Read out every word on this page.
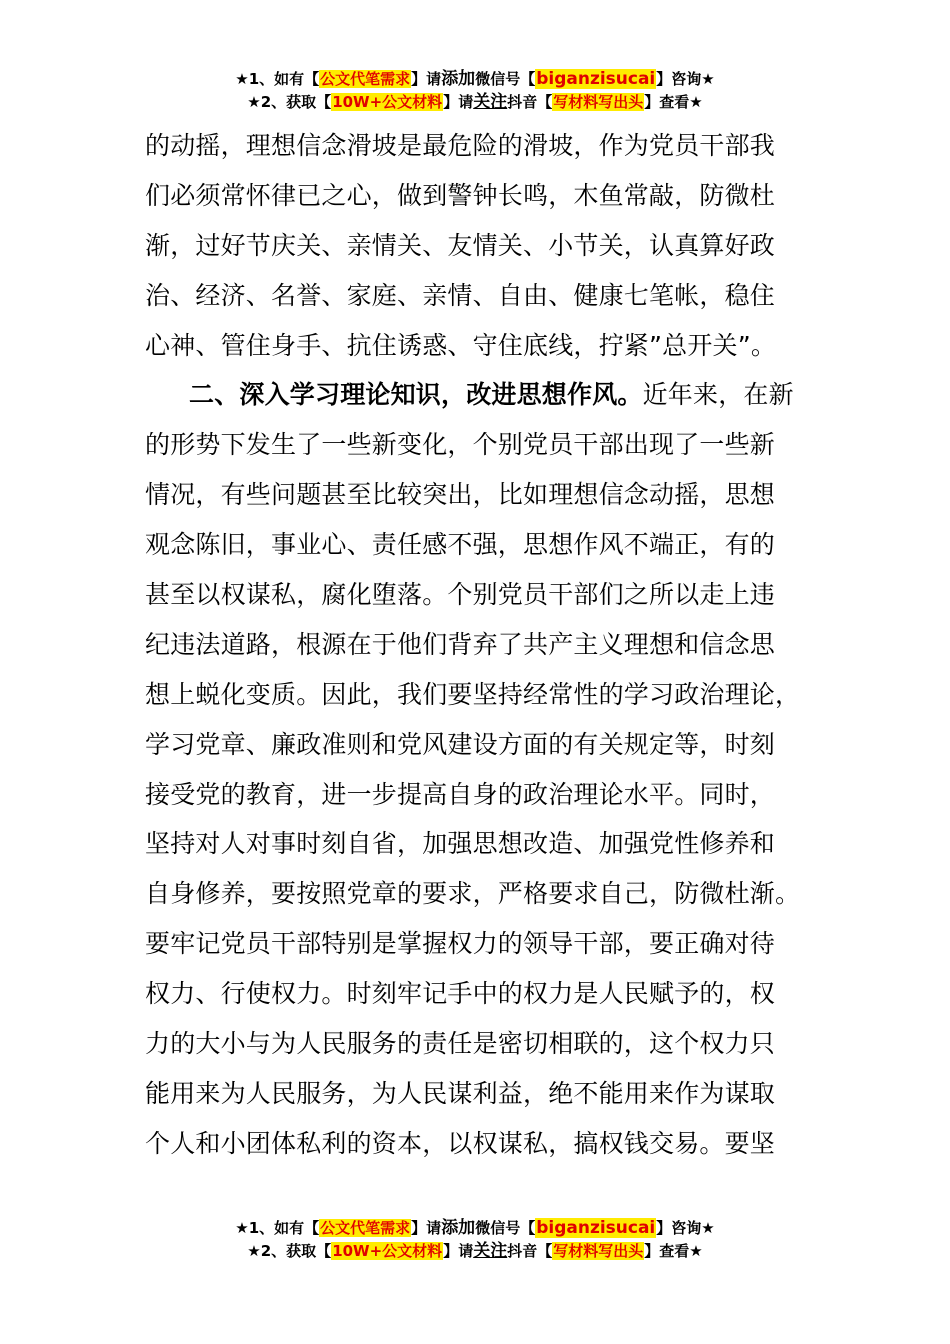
★1、如有【公文代笔需求】请添加微信号【biganzisucai】咨询★
★2、获取【10W+公文材料】请关注抖音【写材料写出头】查看★
的动摇，理想信念滑坡是最危险的滑坡，作为党员干部我
们必须常怀律已之心，做到警钟长鸣，木鱼常敲，防微杜
渐，过好节庆关、亲情关、友情关、小节关，认真算好政
治、经济、名誉、家庭、亲情、自由、健康七笔帐，稳住
心神、管住身手、抗住诱惑、守住底线，拧紧”总开关”。
二、深入学习理论知识，改进思想作风。近年来，在新
的形势下发生了一些新变化，个别党员干部出现了一些新
情况，有些问题甚至比较突出，比如理想信念动摇，思想
观念陈旧，事业心、责任感不强，思想作风不端正，有的
甚至以权谋私，腐化堕落。个别党员干部们之所以走上违
纪违法道路，根源在于他们背弃了共产主义理想和信念思
想上蜕化变质。因此，我们要坚持经常性的学习政治理论，
学习党章、廉政准则和党风建设方面的有关规定等，时刻
接受党的教育，进一步提高自身的政治理论水平。同时，
坚持对人对事时刻自省，加强思想改造、加强党性修养和
自身修养，要按照党章的要求，严格要求自己，防微杜渐。
要牢记党员干部特别是掌握权力的领导干部，要正确对待
权力、行使权力。时刻牢记手中的权力是人民赋予的，权
力的大小与为人民服务的责任是密切相联的，这个权力只
能用来为人民服务，为人民谋利益，绝不能用来作为谋取
个人和小团体私利的资本，以权谋私，搞权钱交易。要坚
★1、如有【公文代笔需求】请添加微信号【biganzisucai】咨询★
★2、获取【10W+公文材料】请关注抖音【写材料写出头】查看★
